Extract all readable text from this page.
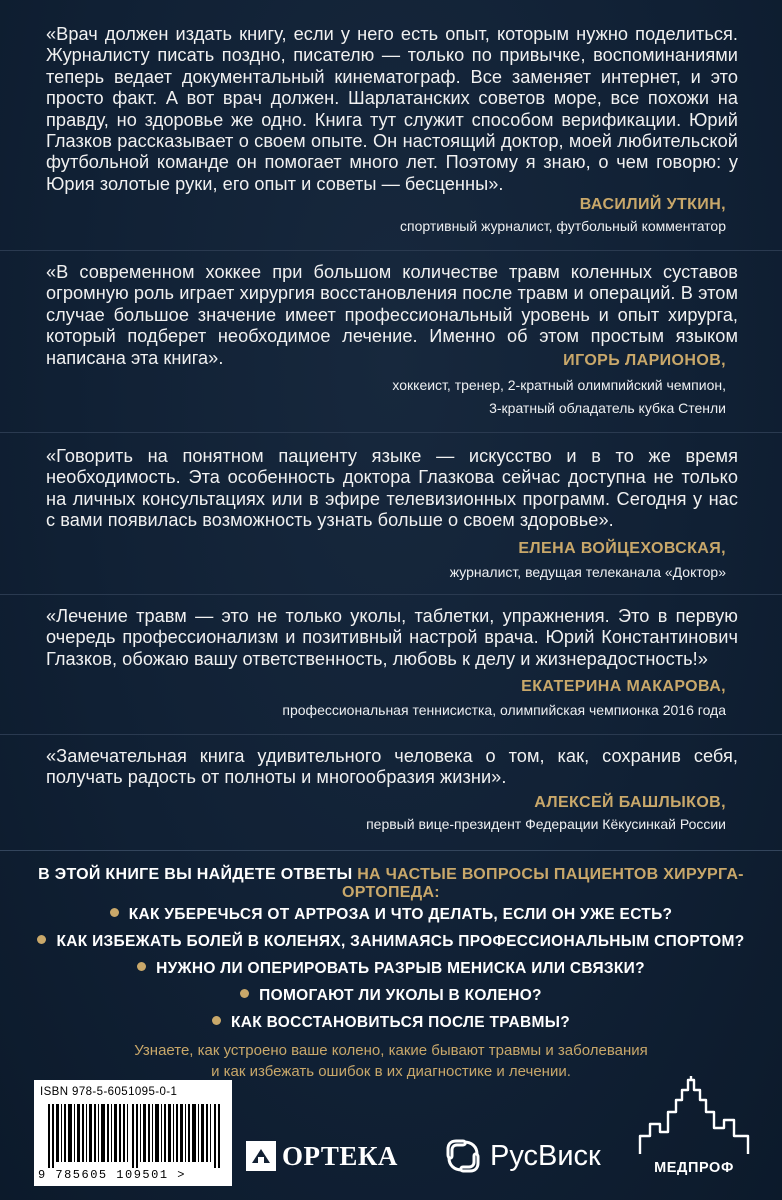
«Врач должен издать книгу, если у него есть опыт, которым нужно поделиться. Журналисту писать поздно, писателю — только по привычке, воспоминаниями теперь ведает документальный кинематограф. Все заменяет интернет, и это просто факт. А вот врач должен. Шарлатанских советов море, все похожи на правду, но здоровье же одно. Книга тут служит способом верификации. Юрий Глазков рассказывает о своем опыте. Он настоящий доктор, моей любительской футбольной команде он помогает много лет. Поэтому я знаю, о чем говорю: у Юрия золотые руки, его опыт и советы — бесценны».
ВАСИЛИЙ УТКИН,
спортивный журналист, футбольный комментатор
«В современном хоккее при большом количестве травм коленных суставов огромную роль играет хирургия восстановления после травм и операций. В этом случае большое значение имеет профессиональный уровень и опыт хирурга, который подберет необходимое лечение. Именно об этом простым языком написана эта книга».	ИГОРЬ ЛАРИОНОВ,
хоккеист, тренер, 2-кратный олимпийский чемпион,
3-кратный обладатель кубка Стенли
«Говорить на понятном пациенту языке — искусство и в то же время необходимость. Эта особенность доктора Глазкова сейчас доступна не только на личных консультациях или в эфире телевизионных программ. Сегодня у нас с вами появилась возможность узнать больше о своем здоровье».
ЕЛЕНА ВОЙЦЕХОВСКАЯ,
журналист, ведущая телеканала «Доктор»
«Лечение травм — это не только уколы, таблетки, упражнения. Это в первую очередь профессионализм и позитивный настрой врача. Юрий Константинович Глазков, обожаю вашу ответственность, любовь к делу и жизнерадостность!»
ЕКАТЕРИНА МАКАРОВА,
профессиональная теннисистка, олимпийская чемпионка 2016 года
«Замечательная книга удивительного человека о том, как, сохранив себя, получать радость от полноты и многообразия жизни».
АЛЕКСЕЙ БАШЛЫКОВ,
первый вице-президент Федерации Кёкусинкай России
В ЭТОЙ КНИГЕ ВЫ НАЙДЕТЕ ОТВЕТЫ НА ЧАСТЫЕ ВОПРОСЫ ПАЦИЕНТОВ ХИРУРГА-ОРТОПЕДА:
КАК УБЕРЕЧЬСЯ ОТ АРТРОЗА И ЧТО ДЕЛАТЬ, ЕСЛИ ОН УЖЕ ЕСТЬ?
КАК ИЗБЕЖАТЬ БОЛЕЙ В КОЛЕНЯХ, ЗАНИМАЯСЬ ПРОФЕССИОНАЛЬНЫМ СПОРТОМ?
НУЖНО ЛИ ОПЕРИРОВАТЬ РАЗРЫВ МЕНИСКА ИЛИ СВЯЗКИ?
ПОМОГАЮТ ЛИ УКОЛЫ В КОЛЕНО?
КАК ВОССТАНОВИТЬСЯ ПОСЛЕ ТРАВМЫ?
Узнаете, как устроено ваше колено, какие бывают травмы и заболевания
и как избежать ошибок в их диагностике и лечении.
ISBN 978-5-6051095-0-1
9 785605 109501 >
ОРТЕКА	РусВиск	МЕДПРОФ
